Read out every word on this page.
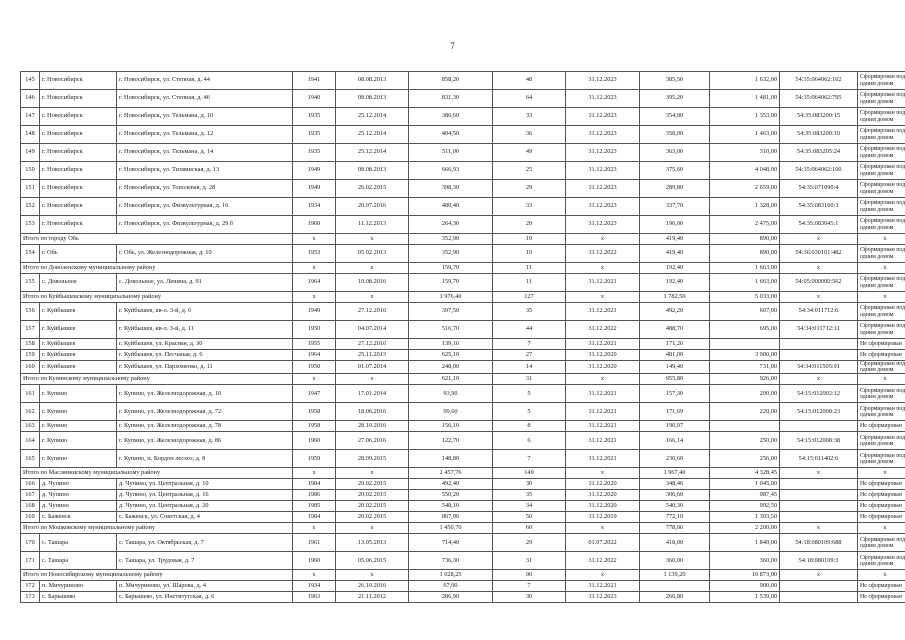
7
145	г. Новосибирск	г. Новосибирск, ул. Степная, д. 44	1941	08.08.2013	858,20	48	31.12.2023	385,50	1 632,00	54:35:064062:102	Сформирован под одним домом
146	г. Новосибирск	г. Новосибирск, ул. Степная, д. 46	1940	08.08.2013	831,30	64	31.12.2023	395,20	1 481,00	54:35:064062:795	Сформирован под одним домом
147	г. Новосибирск	г. Новосибирск, ул. Тельмана, д. 10	1935	25.12.2014	386,60	33	31.12.2023	354,90	1 353,00	54:35:083200:15	Сформирован под одним домом
148	г. Новосибирск	г. Новосибирск, ул. Тельмана, д. 12	1935	25.12.2014	404,50	36	31.12.2023	358,00	1 463,00	54:35:083200:10	Сформирован под одним домом
149	г. Новосибирск	г. Новосибирск, ул. Тельмана, д. 14	1935	25.12.2014	511,00	49	31.12.2023	363,00	310,00	54:35:083205:24	Сформирован под одним домом
150	г. Новосибирск	г. Новосибирск, ул. Тихвинская, д. 13	1949	08.08.2013	666,93	25	31.12.2023	375,60	4 048,00	54:35:064062:100	Сформирован под одним домом
151	г. Новосибирск	г. Новосибирск, ул. Тополевая, д. 28	1949	26.02.2015	398,30	29	31.12.2023	289,80	2 659,00	54:35:071090:4	Сформирован под одним домом
152	г. Новосибирск	г. Новосибирск, ул. Физкультурная, д. 16	1934	20.07.2016	480,40	33	31.12.2023	337,70	1 328,00	54:35:083160:3	Сформирован под одним домом
153	г. Новосибирск	г. Новосибирск, ул. Физкультурная, д. 29 б	1960	11.12.2013	264,30	20	31.12.2023	196,00	2 475,00	54:35:083045:1	Сформирован под одним домом
Итого по городу Обь			х	х	352,90	19	х	419,40	890,00	х	х
154	г. Обь	г. Обь, ул. Железнодорожная, д. 10	1953	05.02.2013	352,90	19	31.12.2022	419,40	890,00	54:36:030101:482	Сформирован под одним домом
Итого по Доволенскому муниципальному району			х	х	159,70	11	х	192,40	1 663,00	х	х
155	с. Довольное	с. Довольное, ул. Ленина, д. 91	1964	10.08.2016	159,70	11	31.12.2021	192,40	1 663,00	54:05:000000:562	Сформирован под одним домом
Итого по Куйбышевскому муниципальному району			х	х	1 976,40	127	х	1 782,50	5 033,00	х	х
156	г. Куйбышев	г. Куйбышев, кв-л. 3-й, д. 6	1949	27.12.2016	397,50	35	31.12.2021	492,20	607,00	54:34:011712:6	Сформирован под одним домом
157	г. Куйбышев	г. Куйбышев, кв-л. 3-й, д. 11	1950	04.07.2014	516,70	44	31.12.2022	488,70	695,00	54:34:011712:11	Сформирован под одним домом
158	г. Куйбышев	г. Куйбышев, ул. Красная, д. 30	1955	27.12.2016	139,10	7	31.12.2021	171,20			Не сформирован
159	г. Куйбышев	г. Куйбышев, ул. Песчаная, д. 6	1964	25.11.2013	625,10	27	31.12.2020	481,00	3 000,00		Не сформирован
160	г. Куйбышев	г. Куйбышев, ул. Пархоменко, д. 11	1950	01.07.2014	248,00	14	31.12.2020	149,40	731,00	54:34:011505:91	Сформирован под одним домом
Итого по Купинскому муниципальному району			х	х	621,10	31	х	955,80	926,00	х	х
161	г. Купино	г. Купино, ул. Железнодорожная, д. 10	1947	17.01.2014	93,90	5	31.12.2021	157,30	200,00	54:15:012002:12	Сформирован под одним домом
162	г. Купино	г. Купино, ул. Железнодорожная, д. 72	1958	18.06.2016	99,60	5	31.12.2021	171,69	220,00	54:15:012008:23	Сформирован под одним домом
163	г. Купино	г. Купино, ул. Железнодорожная, д. 78	1958	28.10.2016	156,10	8	31.12.2021	190,07			Не сформирован
164	г. Купино	г. Купино, ул. Железнодорожная, д. 86	1960	27.06.2016	122,70	6	31.12.2021	166,14	250,00	54:15:012008:38	Сформирован под одним домом
165	г. Купино	г. Купино, п. Кордон лесхоз, д. 8	1959	28.09.2015	148,80	7	31.12.2021	230,60	256,00	54:15:011402:6	Сформирован под одним домом
Итого по Маслянинскому муниципальному району			х	х	2 457,76	149	х	1 967,40	4 328,45	х	х
166	д. Чупино	д. Чупино, ул. Центральная, д. 10	1984	20.02.2015	492,40	30	31.12.2020	348,46	1 045,00		Не сформирован
167	д. Чупино	д. Чупино, ул. Центральная, д. 16	1986	20.02.2015	550,20	35	31.12.2020	306,60	987,45		Не сформирован
168	д. Чупино	д. Чупино, ул. Центральная, д. 20	1985	20.02.2015	548,10	34	31.12.2020	540,30	992,50		Не сформирован
169	с. Баженск	с. Баженск, ул. Советская, д. 4	1984	20.02.2015	867,06	50	31.12.2019	772,10	1 303,50		Не сформирован
Итого по Мошковскому муниципальному району			х	х	1 450,70	60	х	778,00	2 200,00	х	х
170	с. Ташара	с. Ташара, ул. Октябрьская, д. 7	1961	13.05.2013	714,40	29	01.07.2022	418,00	1 840,00	54:18:080109:688	Сформирован под одним домом
171	с. Ташара	с. Ташара, ул. Трудовая, д. 7	1960	05.06.2015	736,30	31	31.12.2022	360,00	360,00	54:18:080109:3	Сформирован под одним домом
Итого по Новосибирскому муниципальному району			х	х	1 028,25	90	х	1 139,20	10 873,00	х	х
172	п. Мичуриново	п. Мичуриново, ул. Шарова, д. 4	1934	26.10.2016	67,00	7	31.12.2021		900,00		Не сформирован
173	с. Барышево	с. Барышево, ул. Институтская, д. 6	1963	21.11.2012	286,90	30	31.12.2023	266,80	1 539,00		Не сформирован
